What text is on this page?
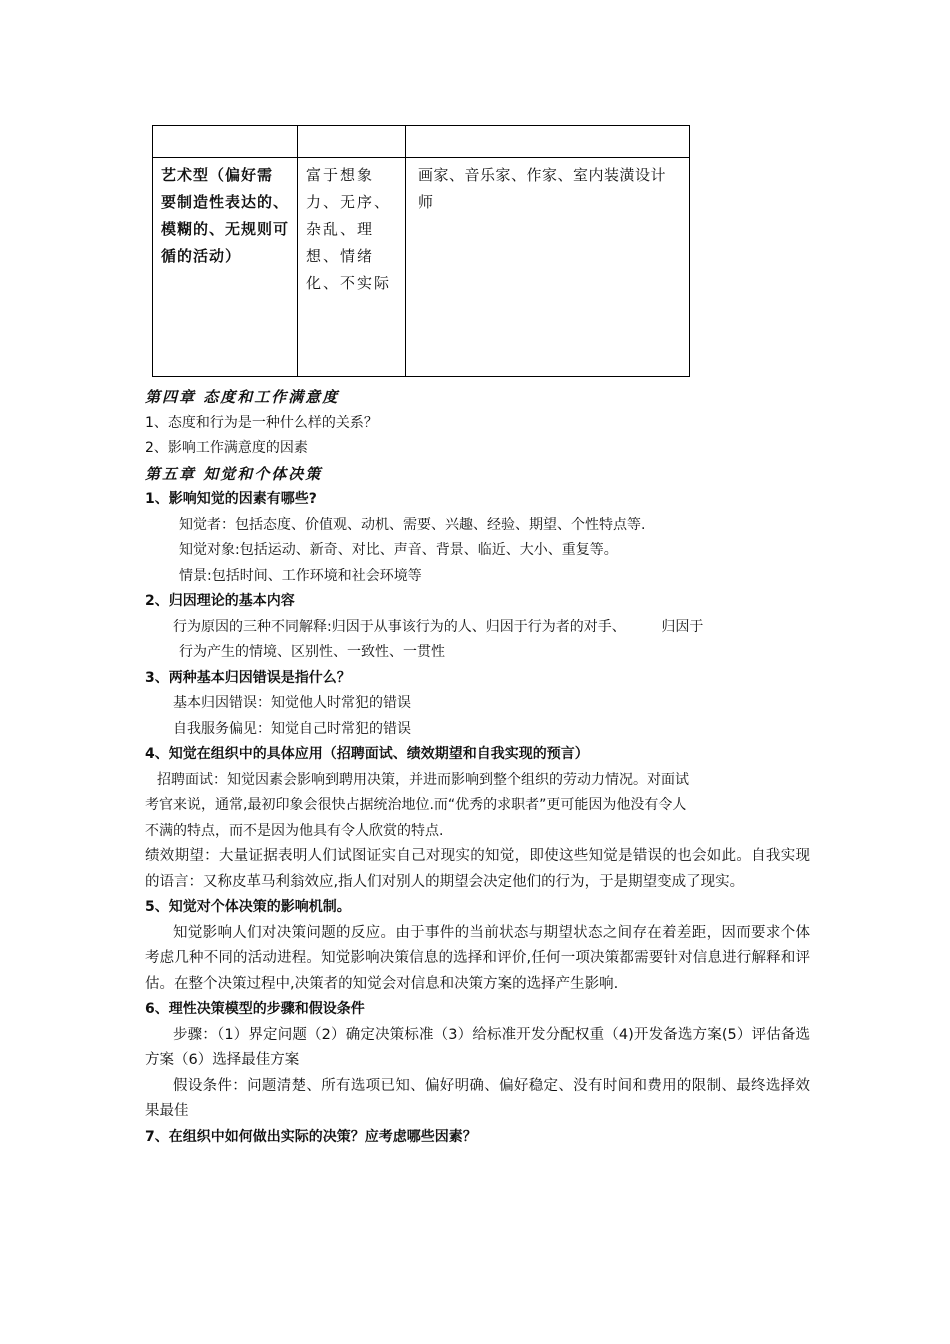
艺术型（偏好需要制造性表达的、模糊的、无规则可循的活动）	富于想象力、无序、杂乱、理想、情绪化、不实际	画家、音乐家、作家、室内装潢设计师
第四章 态度和工作满意度
1、态度和行为是一种什么样的关系？
2、影响工作满意度的因素
第五章 知觉和个体决策
1、影响知觉的因素有哪些?
知觉者：包括态度、价值观、动机、需要、兴趣、经验、期望、个性特点等.
知觉对象:包括运动、新奇、对比、声音、背景、临近、大小、重复等。
情景:包括时间、工作环境和社会环境等
2、归因理论的基本内容
行为原因的三种不同解释:归因于从事该行为的人、归因于行为者的对手、        归因于
行为产生的情境、区别性、一致性、一贯性
3、两种基本归因错误是指什么？
基本归因错误：知觉他人时常犯的错误
自我服务偏见：知觉自己时常犯的错误
4、知觉在组织中的具体应用（招聘面试、绩效期望和自我实现的预言）
招聘面试：知觉因素会影响到聘用决策，并进而影响到整个组织的劳动力情况。对面试
考官来说，通常,最初印象会很快占据统治地位.而“优秀的求职者”更可能因为他没有令人
不满的特点，而不是因为他具有令人欣赏的特点.
绩效期望：大量证据表明人们试图证实自己对现实的知觉，即使这些知觉是错误的也会如此。自我实现的语言：又称皮革马利翁效应,指人们对别人的期望会决定他们的行为，于是期望变成了现实。
5、知觉对个体决策的影响机制。
知觉影响人们对决策问题的反应。由于事件的当前状态与期望状态之间存在着差距，因而要求个体考虑几种不同的活动进程。知觉影响决策信息的选择和评价,任何一项决策都需要针对信息进行解释和评估。在整个决策过程中,决策者的知觉会对信息和决策方案的选择产生影响.
6、理性决策模型的步骤和假设条件
步骤：（1）界定问题（2）确定决策标准（3）给标准开发分配权重（4)开发备选方案(5）评估备选方案（6）选择最佳方案
假设条件：问题清楚、所有选项已知、偏好明确、偏好稳定、没有时间和费用的限制、最终选择效果最佳
7、在组织中如何做出实际的决策？应考虑哪些因素？
